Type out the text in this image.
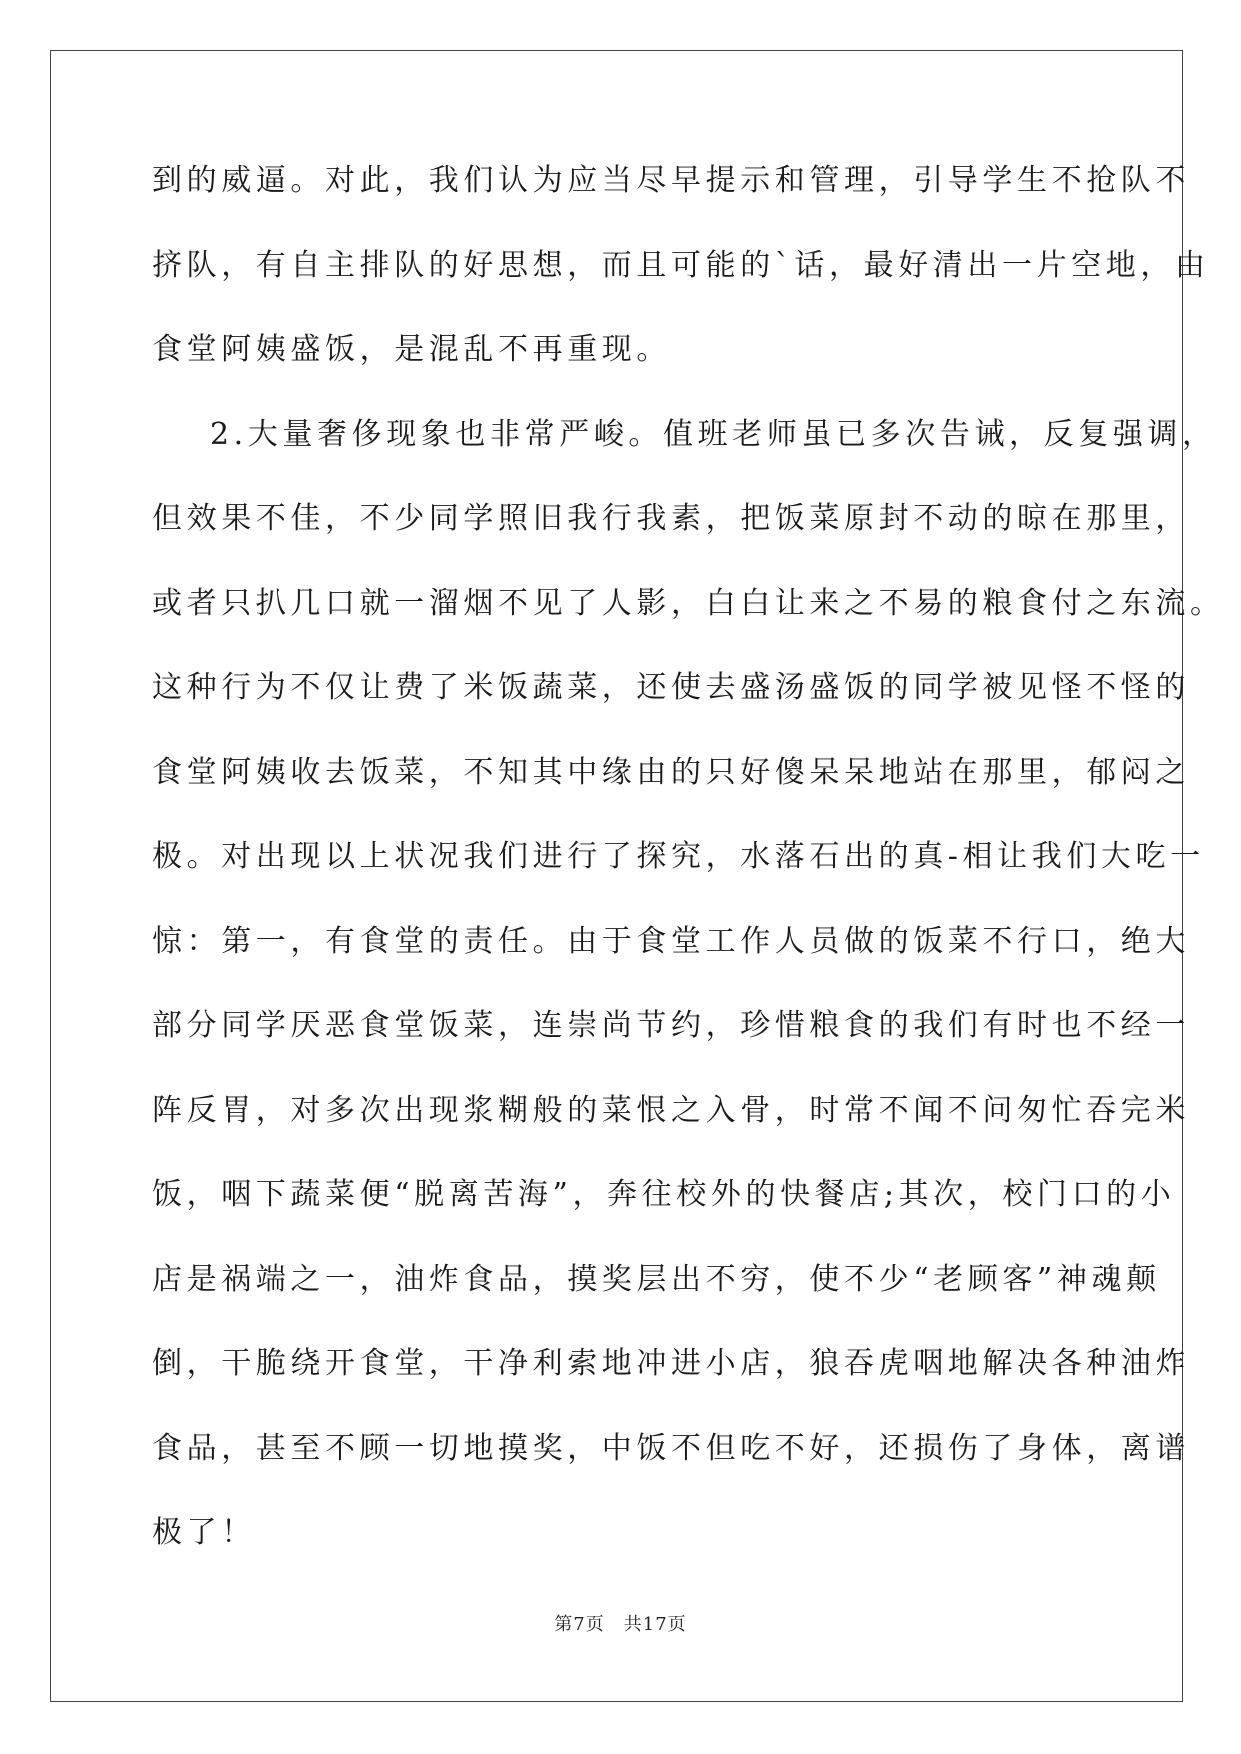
到的威逼。对此，我们认为应当尽早提示和管理，引导学生不抢队不
挤队，有自主排队的好思想，而且可能的`话，最好清出一片空地，由
食堂阿姨盛饭，是混乱不再重现。
2.大量奢侈现象也非常严峻。值班老师虽已多次告诫，反复强调，
但效果不佳，不少同学照旧我行我素，把饭菜原封不动的晾在那里，
或者只扒几口就一溜烟不见了人影，白白让来之不易的粮食付之东流。
这种行为不仅让费了米饭蔬菜，还使去盛汤盛饭的同学被见怪不怪的
食堂阿姨收去饭菜，不知其中缘由的只好傻呆呆地站在那里，郁闷之
极。对出现以上状况我们进行了探究，水落石出的真-相让我们大吃一
惊：第一，有食堂的责任。由于食堂工作人员做的饭菜不行口，绝大
部分同学厌恶食堂饭菜，连崇尚节约，珍惜粮食的我们有时也不经一
阵反胃，对多次出现浆糊般的菜恨之入骨，时常不闻不问匆忙吞完米
饭，咽下蔬菜便“脱离苦海”，奔往校外的快餐店;其次，校门口的小
店是祸端之一，油炸食品，摸奖层出不穷，使不少“老顾客”神魂颠
倒，干脆绕开食堂，干净利索地冲进小店，狼吞虎咽地解决各种油炸
食品，甚至不顾一切地摸奖，中饭不但吃不好，还损伤了身体，离谱
极了！
第7页　共17页
